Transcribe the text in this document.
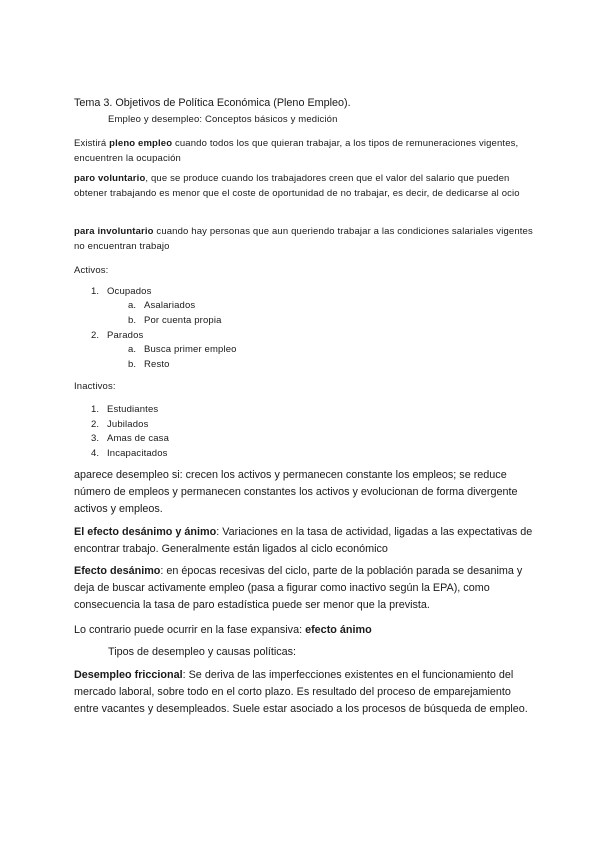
Tema 3. Objetivos de Política Económica (Pleno Empleo).

Empleo y desempleo: Conceptos básicos y medición

Existirá pleno empleo cuando todos los que quieran trabajar, a los tipos de remuneraciones vigentes, encuentren la ocupación

paro voluntario, que se produce cuando los trabajadores creen que el valor del salario que pueden obtener trabajando es menor que el coste de oportunidad de no trabajar, es decir, de dedicarse al ocio

para involuntario cuando hay personas que aun queriendo trabajar a las condiciones salariales vigentes no encuentran trabajo

Activos:

1. Ocupados
a. Asalariados
b. Por cuenta propia
2. Parados
a. Busca primer empleo
b. Resto

Inactivos:

1. Estudiantes
2. Jubilados
3. Amas de casa
4. Incapacitados

aparece desempleo si: crecen los activos y permanecen constante los empleos; se reduce número de empleos y permanecen constantes los activos y evolucionan de forma divergente activos y empleos.

El efecto desánimo y ánimo: Variaciones en la tasa de actividad, ligadas a las expectativas de encontrar trabajo. Generalmente están ligados al ciclo económico

Efecto desánimo: en épocas recesivas del ciclo, parte de la población parada se desanima y deja de buscar activamente empleo (pasa a figurar como inactivo según la EPA), como consecuencia la tasa de paro estadística puede ser menor que la prevista.

Lo contrario puede ocurrir en la fase expansiva: efecto ánimo

Tipos de desempleo y causas políticas:

Desempleo friccional: Se deriva de las imperfecciones existentes en el funcionamiento del mercado laboral, sobre todo en el corto plazo. Es resultado del proceso de emparejamiento entre vacantes y desempleados. Suele estar asociado a los procesos de búsqueda de empleo.
